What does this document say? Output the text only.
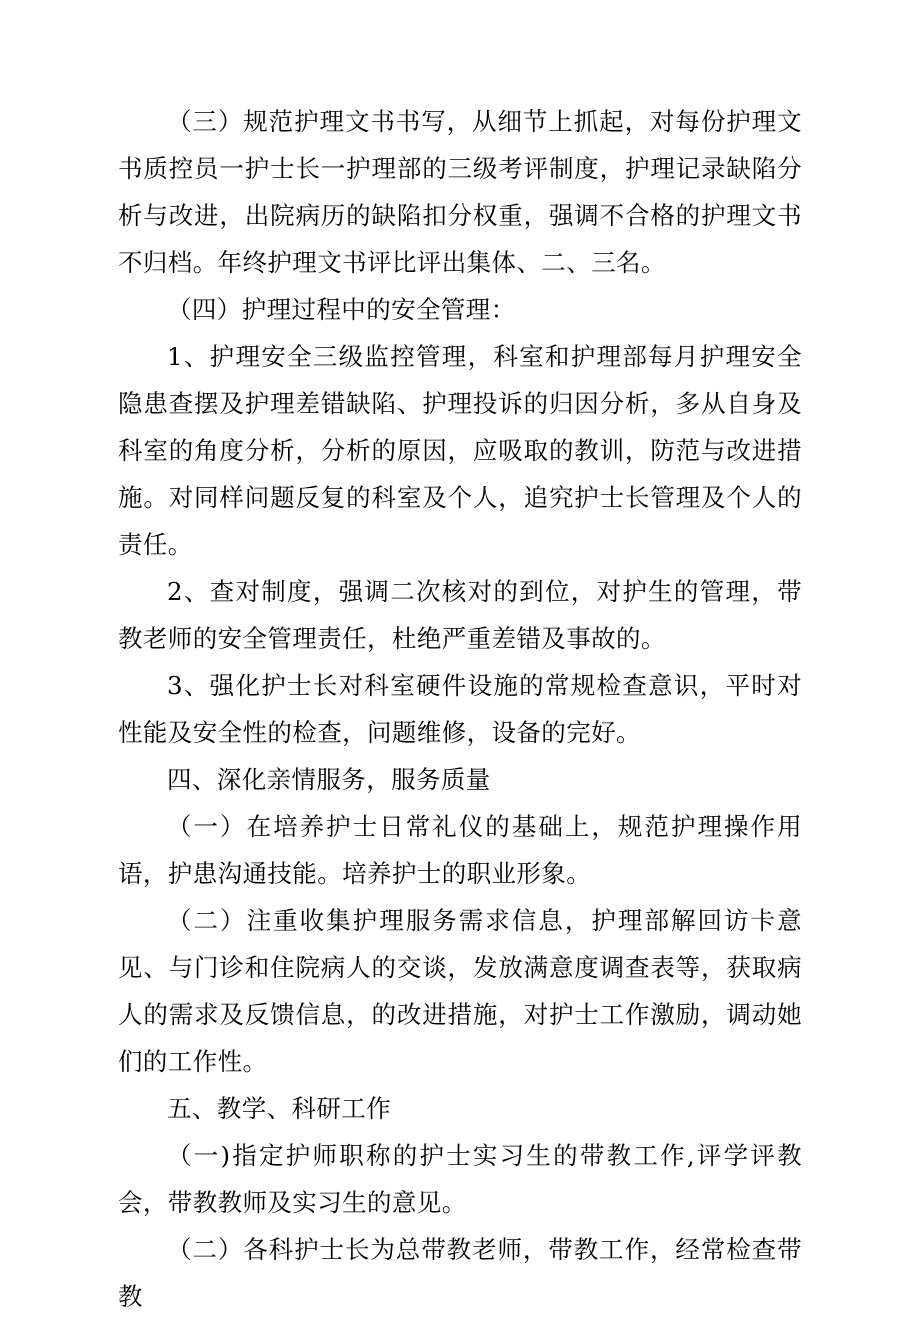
（三）规范护理文书书写，从细节上抓起，对每份护理文书质控员一护士长一护理部的三级考评制度，护理记录缺陷分析与改进，出院病历的缺陷扣分权重，强调不合格的护理文书不归档。年终护理文书评比评出集体、二、三名。

（四）护理过程中的安全管理：

1、护理安全三级监控管理，科室和护理部每月护理安全隐患查摆及护理差错缺陷、护理投诉的归因分析，多从自身及科室的角度分析，分析的原因，应吸取的教训，防范与改进措施。对同样问题反复的科室及个人，追究护士长管理及个人的责任。

2、查对制度，强调二次核对的到位，对护生的管理，带教老师的安全管理责任，杜绝严重差错及事故的。

3、强化护士长对科室硬件设施的常规检查意识，平时对性能及安全性的检查，问题维修，设备的完好。

四、深化亲情服务，服务质量

（一）在培养护士日常礼仪的基础上，规范护理操作用语，护患沟通技能。培养护士的职业形象。

（二）注重收集护理服务需求信息，护理部解回访卡意见、与门诊和住院病人的交谈，发放满意度调查表等，获取病人的需求及反馈信息，的改进措施，对护士工作激励，调动她们的工作性。

五、教学、科研工作

（一)指定护师职称的护士实习生的带教工作,评学评教会，带教教师及实习生的意见。

（二）各科护士长为总带教老师，带教工作，经常检查带教
